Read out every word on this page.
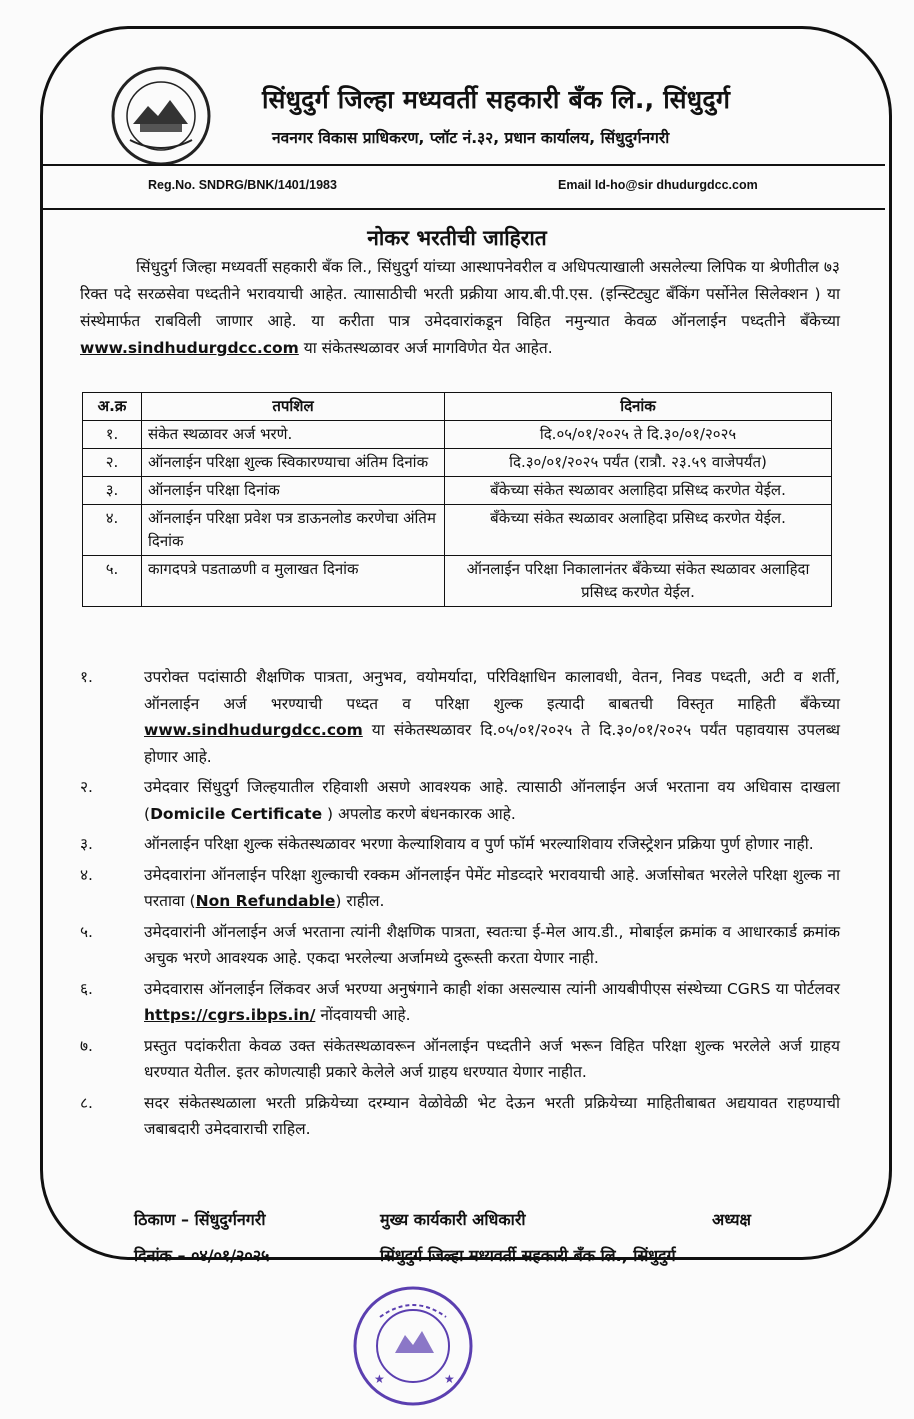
सिंधुदुर्ग जिल्हा मध्यवर्ती सहकारी बँक लि., सिंधुदुर्ग
नवनगर विकास प्राधिकरण, प्लॉट नं.३२, प्रधान कार्यालय, सिंधुदुर्गनगरी
Reg.No. SNDRG/BNK/1401/1983	Email Id-ho@sir dhudurgdcc.com
नोकर भरतीची जाहिरात
सिंधुदुर्ग जिल्हा मध्यवर्ती सहकारी बँक लि., सिंधुदुर्ग यांच्या आस्थापनेवरील व अधिपत्याखाली असलेल्या लिपिक या श्रेणीतील ७३ रिक्त पदे सरळसेवा पध्दतीने भरावयाची आहेत. त्याासाठीची भरती प्रक्रीया आय.बी.पी.एस. (इन्स्टिट्युट बँकिंग पर्सोनेल सिलेक्शन ) या संस्थेमार्फत राबविली जाणार आहे. या करीता पात्र उमेदवारांकडून विहित नमुन्यात केवळ ऑनलाईन पध्दतीने बँकेच्या www.sindhudurgdcc.com या संकेतस्थळावर अर्ज मागविणेत येत आहेत.
अ.क्र	तपशिल	दिनांक
१.	संकेत स्थळावर अर्ज भरणे.	दि.०५/०१/२०२५ ते दि.३०/०१/२०२५
२.	ऑनलाईन परिक्षा शुल्क स्विकारण्याचा अंतिम दिनांक	दि.३०/०१/२०२५ पर्यंत (रात्रौ. २३.५९ वाजेपर्यंत)
३.	ऑनलाईन परिक्षा दिनांक	बँकेच्या संकेत स्थळावर अलाहिदा प्रसिध्द करणेत येईल.
४.	ऑनलाईन परिक्षा प्रवेश पत्र डाऊनलोड करणेचा अंतिम दिनांक	बँकेच्या संकेत स्थळावर अलाहिदा प्रसिध्द करणेत येईल.
५.	कागदपत्रे पडताळणी व मुलाखत दिनांक	ऑनलाईन परिक्षा निकालानंतर बँकेच्या संकेत स्थळावर अलाहिदा प्रसिध्द करणेत येईल.
१.	उपरोक्त पदांसाठी शैक्षणिक पात्रता, अनुभव, वयोमर्यादा, परिविक्षाधिन कालावधी, वेतन, निवड पध्दती, अटी व शर्ती, ऑनलाईन अर्ज भरण्याची पध्दत व परिक्षा शुल्क इत्यादी बाबतची विस्तृत माहिती बँकेच्या www.sindhudurgdcc.com या संकेतस्थळावर दि.०५/०१/२०२५ ते दि.३०/०१/२०२५ पर्यंत पहावयास उपलब्ध होणार आहे.
२.	उमेदवार सिंधुदुर्ग जिल्हयातील रहिवाशी असणे आवश्यक आहे. त्यासाठी ऑनलाईन अर्ज भरताना वय अधिवास दाखला (Domicile Certificate ) अपलोड करणे बंधनकारक आहे.
३.	ऑनलाईन परिक्षा शुल्क संकेतस्थळावर भरणा केल्याशिवाय व पुर्ण फॉर्म भरल्याशिवाय रजिस्ट्रेशन प्रक्रिया पुर्ण होणार नाही.
४.	उमेदवारांना ऑनलाईन परिक्षा शुल्काची रक्कम ऑनलाईन पेमेंट मोडव्दारे भरावयाची आहे. अर्जासोबत भरलेले परिक्षा शुल्क ना परतावा (Non Refundable) राहील.
५.	उमेदवारांनी ऑनलाईन अर्ज भरताना त्यांनी शैक्षणिक पात्रता, स्वतःचा ई-मेल आय.डी., मोबाईल क्रमांक व आधारकार्ड क्रमांक अचुक भरणे आवश्यक आहे. एकदा भरलेल्या अर्जामध्ये दुरूस्ती करता येणार नाही.
६.	उमेदवारास ऑनलाईन लिंकवर अर्ज भरण्या अनुषंगाने काही शंका असल्यास त्यांनी आयबीपीएस संस्थेच्या CGRS या पोर्टलवर https://cgrs.ibps.in/ नोंदवायची आहे.
७.	प्रस्तुत पदांकरीता केवळ उक्त संकेतस्थळावरून ऑनलाईन पध्दतीने अर्ज भरून विहित परिक्षा शुल्क भरलेले अर्ज ग्राहय धरण्यात येतील. इतर कोणत्याही प्रकारे केलेले अर्ज ग्राहय धरण्यात येणार नाहीत.
८.	सदर संकेतस्थळाला भरती प्रक्रियेच्या दरम्यान वेळोवेळी भेट देऊन भरती प्रक्रियेच्या माहितीबाबत अद्ययावत राहण्याची जबाबदारी उमेदवाराची राहिल.
ठिकाण – सिंधुदुर्गनगरी
दिनांक – ०४/०१/२०२५
मुख्य कार्यकारी अधिकारी	अध्यक्ष
सिंधुदुर्ग जिल्हा मध्यवर्ती सहकारी बँक लि., सिंधुदुर्ग
★	★
